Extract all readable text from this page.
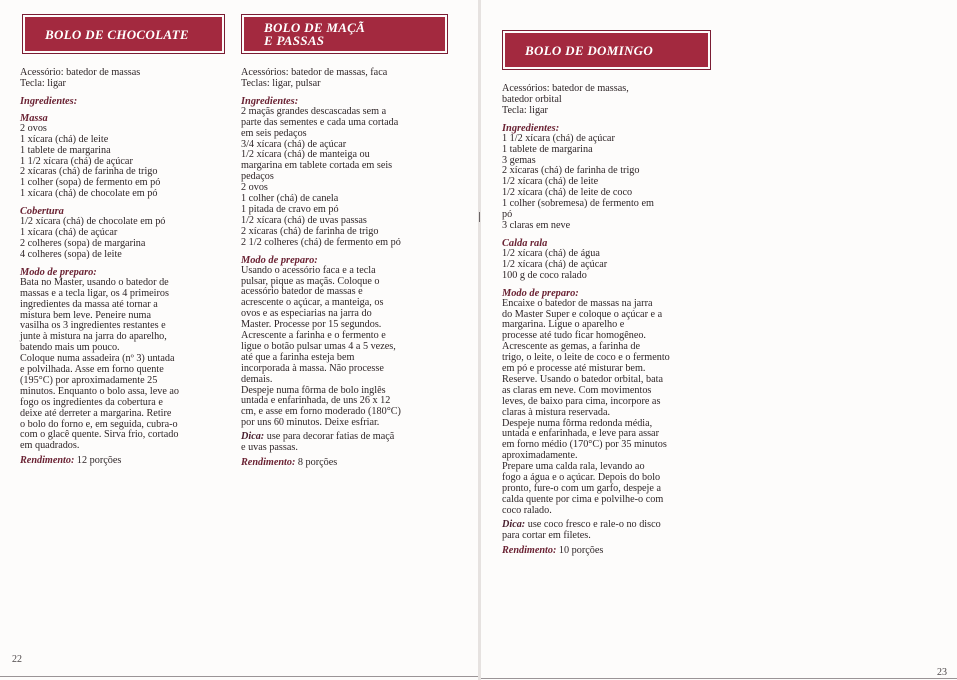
BOLO DE CHOCOLATE
Acessório: batedor de massas
Tecla: ligar
Ingredientes:
Massa
2 ovos
1 xícara (chá) de leite
1 tablete de margarina
1 1/2 xícara (chá) de açúcar
2 xícaras (chá) de farinha de trigo
1 colher (sopa) de fermento em pó
1 xícara (chá) de chocolate em pó
Cobertura
1/2 xícara (chá) de chocolate em pó
1 xícara (chá) de açúcar
2 colheres (sopa) de margarina
4 colheres (sopa) de leite
Modo de preparo:
Bata no Master, usando o batedor de
massas e a tecla ligar, os 4 primeiros
ingredientes da massa até tornar a
mistura bem leve. Peneire numa
vasilha os 3 ingredientes restantes e
junte à mistura na jarra do aparelho,
batendo mais um pouco.
Coloque numa assadeira (nº 3) untada
e polvilhada. Asse em forno quente
(195°C) por aproximadamente 25
minutos. Enquanto o bolo assa, leve ao
fogo os ingredientes da cobertura e
deixe até derreter a margarina. Retire
o bolo do forno e, em seguida, cubra-o
com o glacê quente. Sirva frio, cortado
em quadrados.
Rendimento: 12 porções
BOLO DE MAÇÃ
E PASSAS
Acessórios: batedor de massas, faca
Teclas: ligar, pulsar
Ingredientes:
2 maçãs grandes descascadas sem a
parte das sementes e cada uma cortada
em seis pedaços
3/4 xícara (chá) de açúcar
1/2 xícara (chá) de manteiga ou
margarina em tablete cortada em seis
pedaços
2 ovos
1 colher (chá) de canela
1 pitada de cravo em pó
1/2 xícara (chá) de uvas passas
2 xícaras (chá) de farinha de trigo
2 1/2 colheres (chá) de fermento em pó
Modo de preparo:
Usando o acessório faca e a tecla
pulsar, pique as maçãs. Coloque o
acessório batedor de massas e
acrescente o açúcar, a manteiga, os
ovos e as especiarias na jarra do
Master. Processe por 15 segundos.
Acrescente a farinha e o fermento e
ligue o botão pulsar umas 4 a 5 vezes,
até que a farinha esteja bem
incorporada à massa. Não processe
demais.
Despeje numa fôrma de bolo inglês
untada e enfarinhada, de uns 26 x 12
cm, e asse em forno moderado (180°C)
por uns 60 minutos. Deixe esfriar.
Dica: use para decorar fatias de maçã
e uvas passas.
Rendimento: 8 porções
BOLO DE DOMINGO
Acessórios: batedor de massas,
batedor orbital
Tecla: ligar
Ingredientes:
1 1/2 xícara (chá) de açúcar
1 tablete de margarina
3 gemas
2 xícaras (chá) de farinha de trigo
1/2 xícara (chá) de leite
1/2 xícara (chá) de leite de coco
1 colher (sobremesa) de fermento em
pó
3 claras em neve
Calda rala
1/2 xícara (chá) de água
1/2 xícara (chá) de açúcar
100 g de coco ralado
Modo de preparo:
Encaixe o batedor de massas na jarra
do Master Super e coloque o açúcar e a
margarina. Ligue o aparelho e
processe até tudo ficar homogêneo.
Acrescente as gemas, a farinha de
trigo, o leite, o leite de coco e o fermento
em pó e processe até misturar bem.
Reserve. Usando o batedor orbital, bata
as claras em neve. Com movimentos
leves, de baixo para cima, incorpore as
claras à mistura reservada.
Despeje numa fôrma redonda média,
untada e enfarinhada, e leve para assar
em forno médio (170°C) por 35 minutos
aproximadamente.
Prepare uma calda rala, levando ao
fogo a água e o açúcar. Depois do bolo
pronto, fure-o com um garfo, despeje a
calda quente por cima e polvilhe-o com
coco ralado.
Dica: use coco fresco e rale-o no disco
para cortar em filetes.
Rendimento: 10 porções
22
23
